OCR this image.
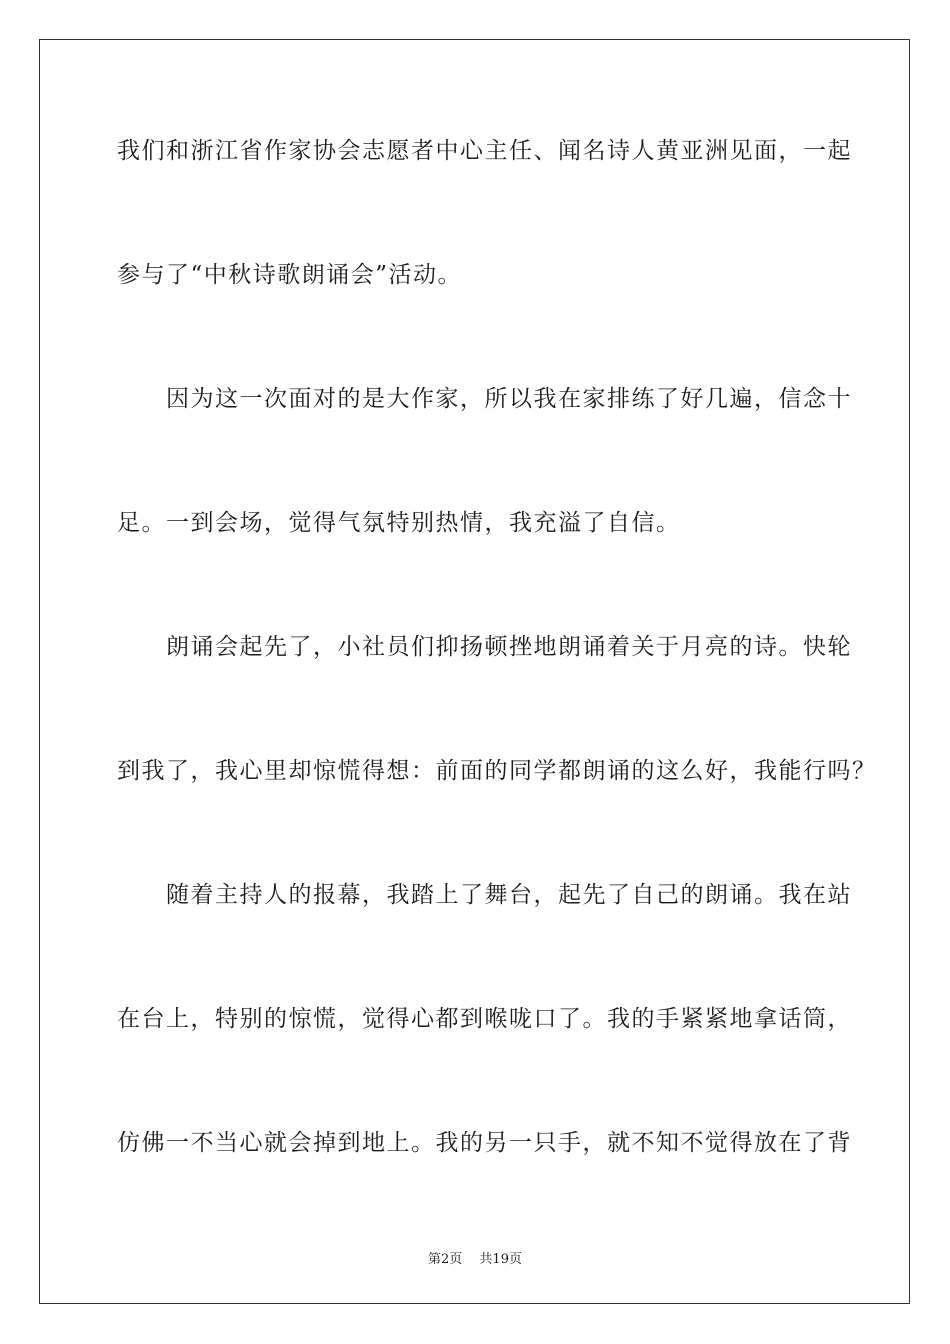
我们和浙江省作家协会志愿者中心主任、闻名诗人黄亚洲见面，一起
参与了“中秋诗歌朗诵会”活动。
　　因为这一次面对的是大作家，所以我在家排练了好几遍，信念十
足。一到会场，觉得气氛特别热情，我充溢了自信。
　　朗诵会起先了，小社员们抑扬顿挫地朗诵着关于月亮的诗。快轮
到我了，我心里却惊慌得想：前面的同学都朗诵的这么好，我能行吗？
　　随着主持人的报幕，我踏上了舞台，起先了自己的朗诵。我在站
在台上，特别的惊慌，觉得心都到喉咙口了。我的手紧紧地拿话筒，
仿佛一不当心就会掉到地上。我的另一只手，就不知不觉得放在了背
第2页　 共19页
